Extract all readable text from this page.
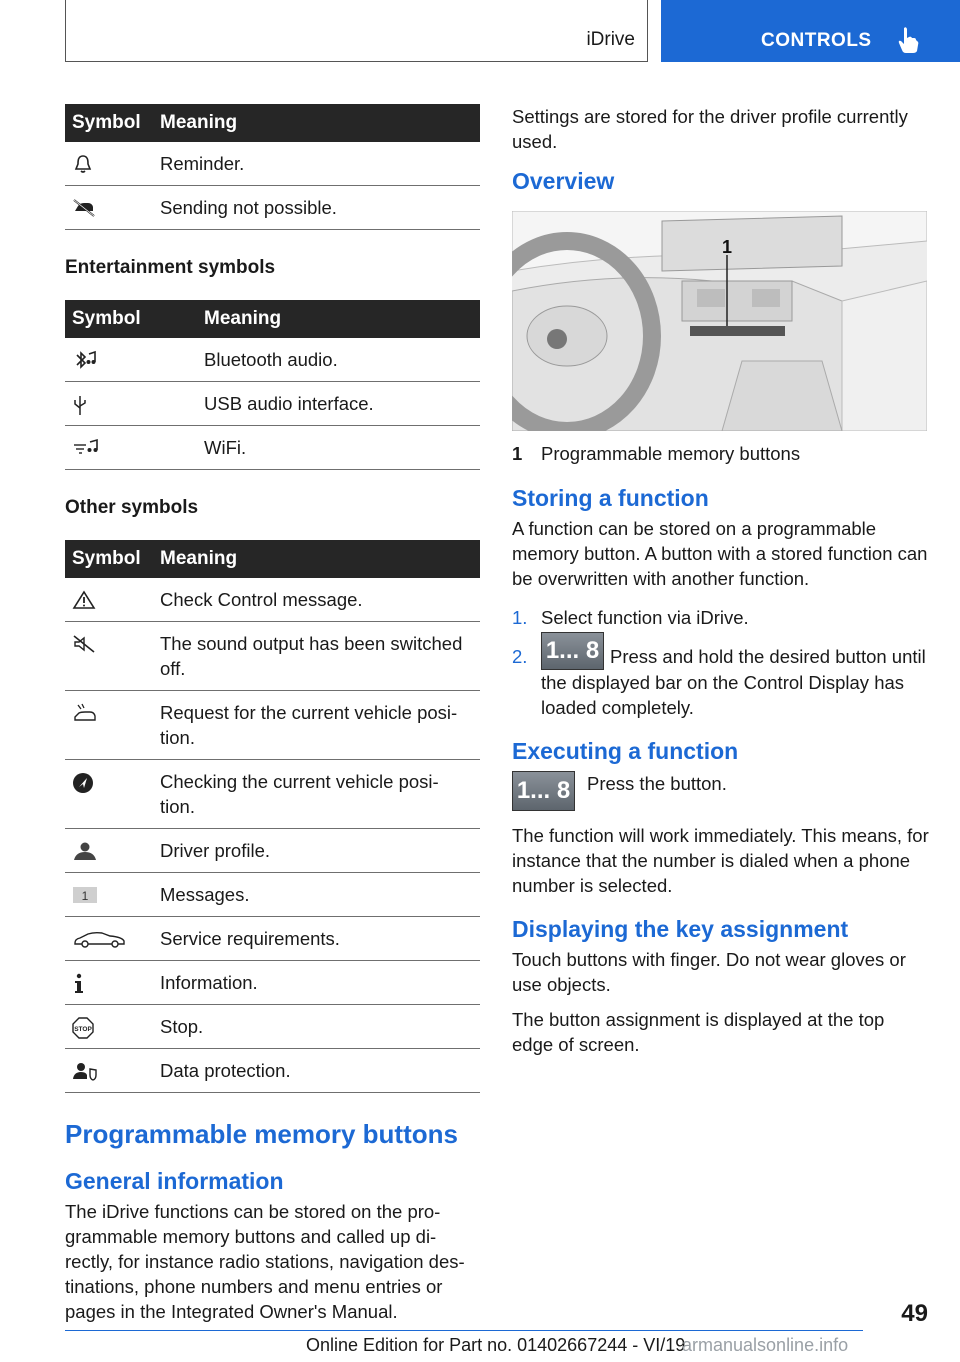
iDrive	CONTROLS
Symbol	Meaning

	Reminder.

	Sending not possible.
Entertainment symbols
Symbol	Meaning

	Bluetooth audio.

	USB audio interface.

	WiFi.
Other symbols
Symbol	Meaning

	Check Control message.

	The sound output has been switched off.

	Request for the current vehicle posi-tion.

	Checking the current vehicle posi-tion.

	Driver profile.

1	Messages.

	Service requirements.

	Information.

STOP	Stop.

	Data protection.
Programmable memory buttons
General information

The iDrive functions can be stored on the pro-grammable memory buttons and called up di-rectly, for instance radio stations, navigation des-tinations, phone numbers and menu entries or pages in the Integrated Owner's Manual.

Settings are stored for the driver profile currently used.

Overview
1
1	Programmable memory buttons
Storing a function

A function can be stored on a programmable memory button. A button with a stored function can be overwritten with another function.

1. Select function via iDrive.
2. 1... 8 Press and hold the desired button until the displayed bar on the Control Display has loaded completely.
Executing a function
1... 8 Press the button.

The function will work immediately. This means, for instance that the number is dialed when a phone number is selected.

Displaying the key assignment

Touch buttons with finger. Do not wear gloves or use objects.

The button assignment is displayed at the top edge of screen.

49
Online Edition for Part no. 01402667244 - VI/19
armanualsonline.info
